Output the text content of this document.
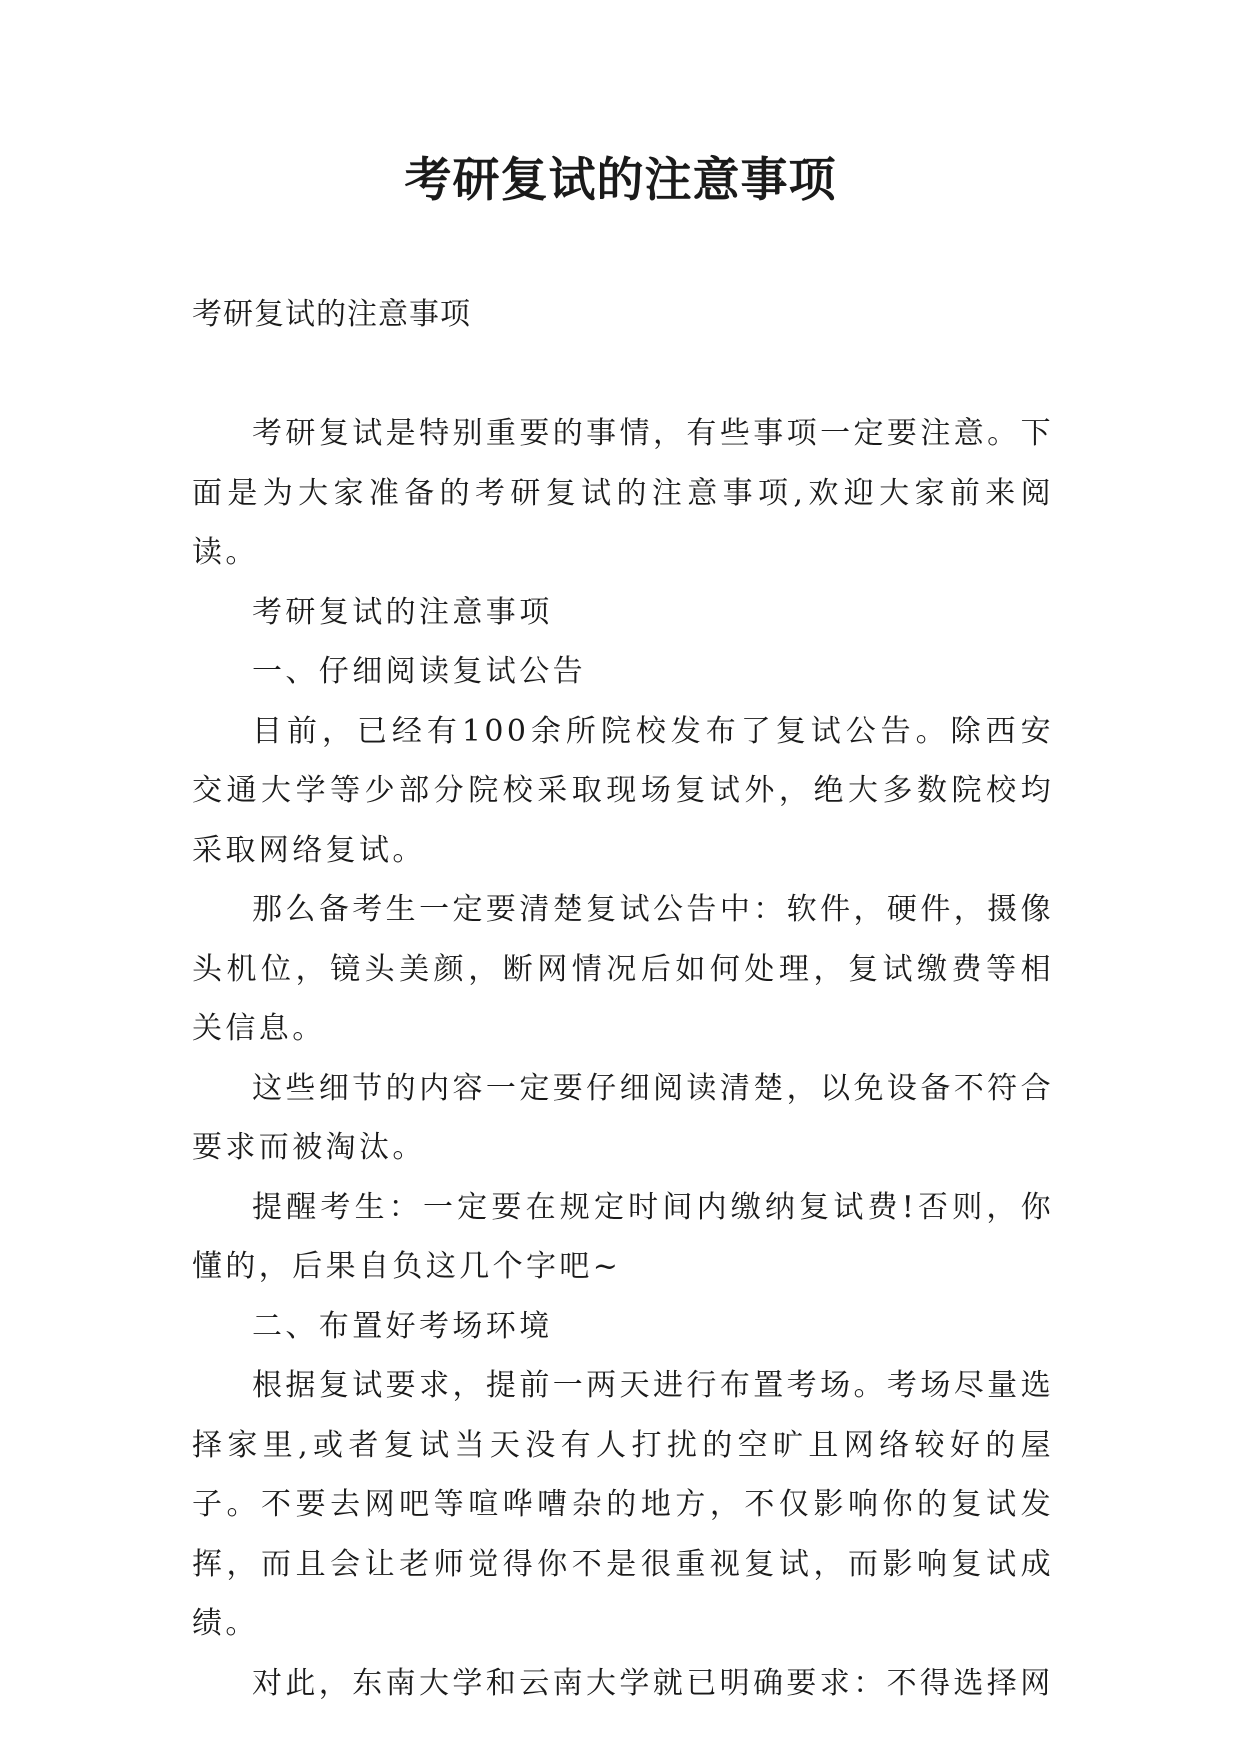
考研复试的注意事项
考研复试的注意事项

考研复试是特别重要的事情，有些事项一定要注意。下面是为大家准备的考研复试的注意事项,欢迎大家前来阅读。

考研复试的注意事项

一、仔细阅读复试公告

目前，已经有100余所院校发布了复试公告。除西安交通大学等少部分院校采取现场复试外，绝大多数院校均采取网络复试。

那么备考生一定要清楚复试公告中：软件，硬件，摄像头机位，镜头美颜，断网情况后如何处理，复试缴费等相关信息。

这些细节的内容一定要仔细阅读清楚，以免设备不符合要求而被淘汰。

提醒考生：一定要在规定时间内缴纳复试费!否则，你懂的，后果自负这几个字吧~

二、布置好考场环境

根据复试要求，提前一两天进行布置考场。考场尽量选择家里,或者复试当天没有人打扰的空旷且网络较好的屋子。不要去网吧等喧哗嘈杂的地方，不仅影响你的复试发挥，而且会让老师觉得你不是很重视复试，而影响复试成绩。

对此，东南大学和云南大学就已明确要求：不得选择网
